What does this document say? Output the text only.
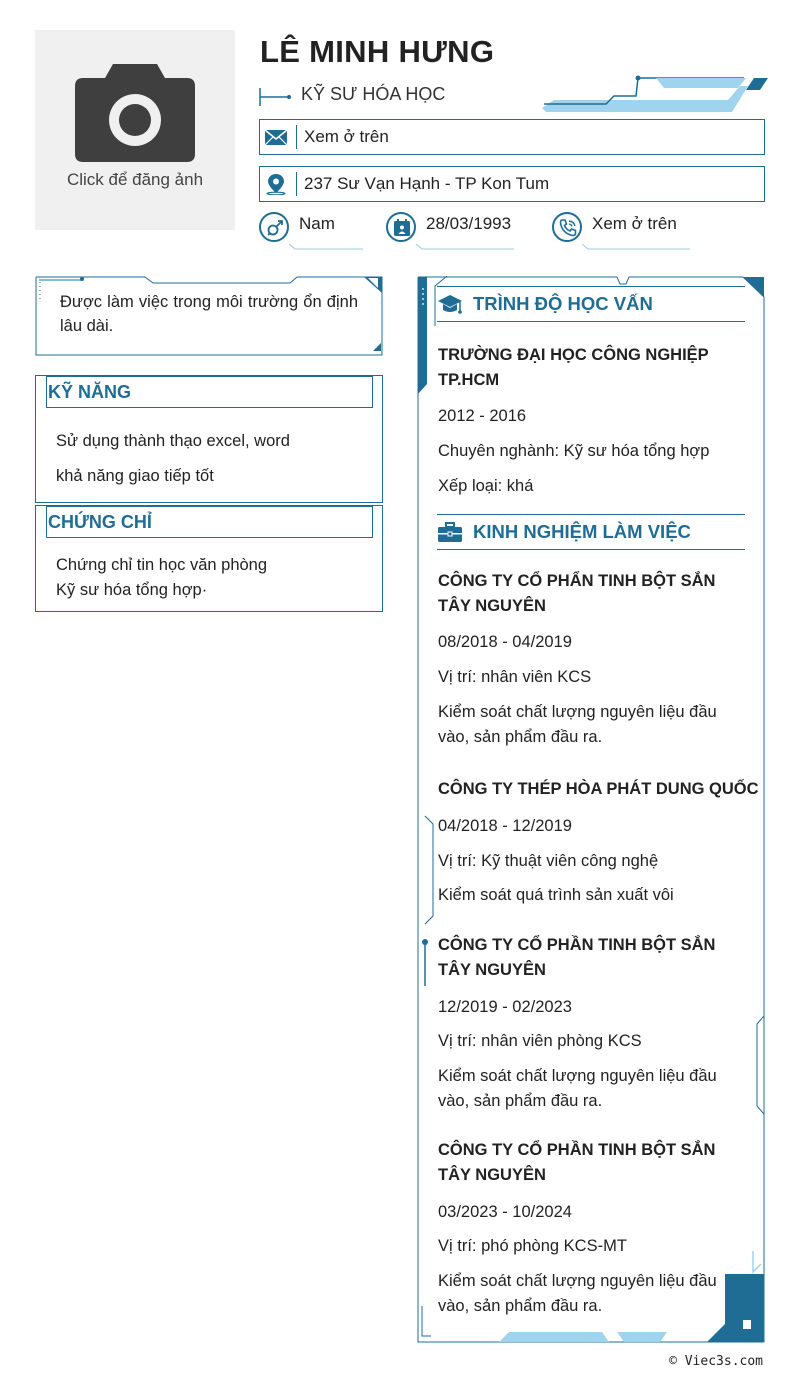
Click để đăng ảnh
LÊ MINH HƯNG
KỸ SƯ HÓA HỌC
Xem ở trên
237 Sư Vạn Hạnh - TP Kon Tum
Nam	28/03/1993	Xem ở trên
Được làm việc trong môi trường ổn định lâu dài.
KỸ NĂNG
Sử dụng thành thạo excel, word
khả năng giao tiếp tốt
CHỨNG CHỈ
Chứng chỉ tin học văn phòng
Kỹ sư hóa tổng hợp·
TRÌNH ĐỘ HỌC VẤN
TRƯỜNG ĐẠI HỌC CÔNG NGHIỆP TP.HCM
2012 - 2016
Chuyên nghành: Kỹ sư hóa tổng hợp
Xếp loại: khá
KINH NGHIỆM LÀM VIỆC
CÔNG TY CỔ PHẨN TINH BỘT SẮN TÂY NGUYÊN
08/2018 - 04/2019
Vị trí: nhân viên KCS
Kiểm soát chất lượng nguyên liệu đầu vào, sản phẩm đầu ra.
CÔNG TY THÉP HÒA PHÁT DUNG QUỐC
04/2018 - 12/2019
Vị trí: Kỹ thuật viên công nghệ
Kiểm soát quá trình sản xuất vôi
CÔNG TY CỔ PHẦN TINH BỘT SẮN TÂY NGUYÊN
12/2019 - 02/2023
Vị trí: nhân viên phòng KCS
Kiểm soát chất lượng nguyên liệu đầu vào, sản phẩm đầu ra.
CÔNG TY CỔ PHẦN TINH BỘT SẮN TÂY NGUYÊN
03/2023 - 10/2024
Vị trí: phó phòng KCS-MT
Kiểm soát chất lượng nguyên liệu đầu vào, sản phẩm đầu ra.
© Viec3s.com
